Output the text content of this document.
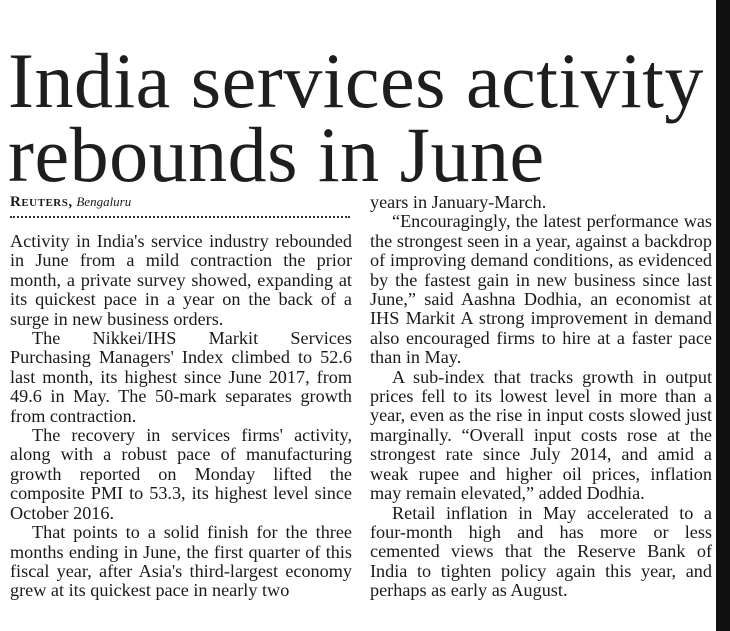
India services activity rebounds in June
Reuters, Bengaluru

Activity in India's service industry rebounded in June from a mild contraction the prior month, a private survey showed, expanding at its quickest pace in a year on the back of a surge in new business orders.

The Nikkei/IHS Markit Services Purchasing Managers' Index climbed to 52.6 last month, its highest since June 2017, from 49.6 in May. The 50-mark separates growth from contraction.

The recovery in services firms' activity, along with a robust pace of manufacturing growth reported on Monday lifted the composite PMI to 53.3, its highest level since October 2016.

That points to a solid finish for the three months ending in June, the first quarter of this fiscal year, after Asia's third-largest economy grew at its quickest pace in nearly two

years in January-March.

“Encouragingly, the latest performance was the strongest seen in a year, against a backdrop of improving demand conditions, as evidenced by the fastest gain in new business since last June,” said Aashna Dodhia, an economist at IHS Markit A strong improvement in demand also encouraged firms to hire at a faster pace than in May.

A sub-index that tracks growth in output prices fell to its lowest level in more than a year, even as the rise in input costs slowed just marginally. “Overall input costs rose at the strongest rate since July 2014, and amid a weak rupee and higher oil prices, inflation may remain elevated,” added Dodhia.

Retail inflation in May accelerated to a four-month high and has more or less cemented views that the Reserve Bank of India to tighten policy again this year, and perhaps as early as August.
